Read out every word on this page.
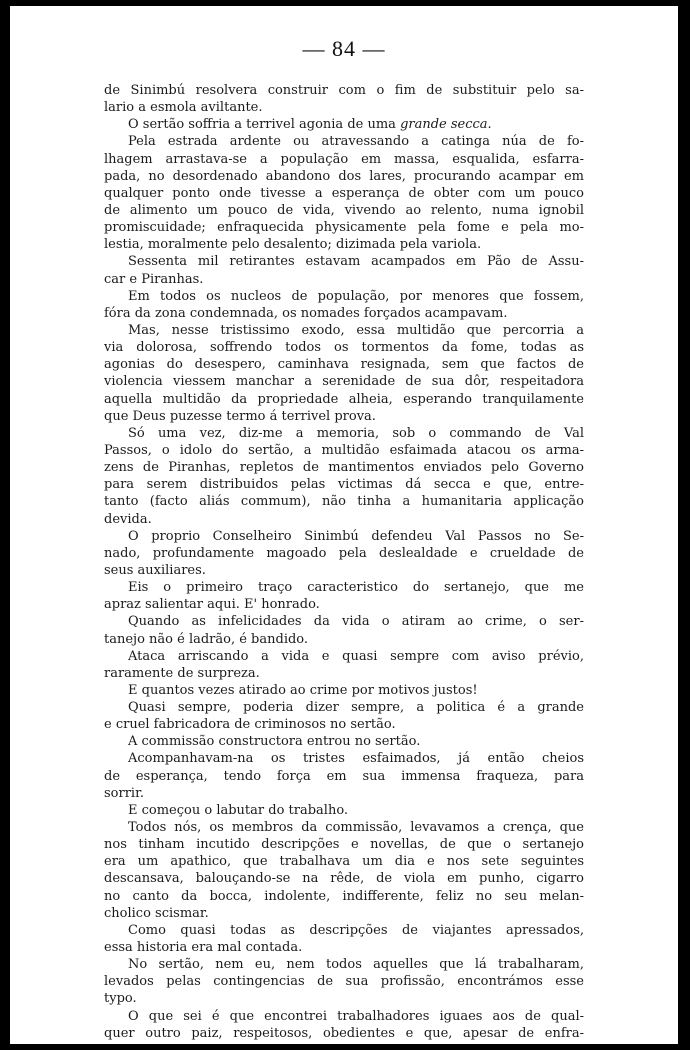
— 84 —
de Sinimbú resolvera construir com o fim de substituir pelo sa-
lario a esmola aviltante.
O sertão soffria a terrivel agonia de uma grande secca.
Pela estrada ardente ou atravessando a catinga núa de fo-
lhagem arrastava-se a população em massa, esqualida, esfarra-
pada, no desordenado abandono dos lares, procurando acampar em
qualquer ponto onde tivesse a esperança de obter com um pouco
de alimento um pouco de vida, vivendo ao relento, numa ignobil
promiscuidade; enfraquecida physicamente pela fome e pela mo-
lestia, moralmente pelo desalento; dizimada pela variola.
Sessenta mil retirantes estavam acampados em Pão de Assu-
car e Piranhas.
Em todos os nucleos de população, por menores que fossem,
fóra da zona condemnada, os nomades forçados acampavam.
Mas, nesse tristissimo exodo, essa multidão que percorria a
via dolorosa, soffrendo todos os tormentos da fome, todas as
agonias do desespero, caminhava resignada, sem que factos de
violencia viessem manchar a serenidade de sua dôr, respeitadora
aquella multidão da propriedade alheia, esperando tranquilamente
que Deus puzesse termo á terrivel prova.
Só uma vez, diz-me a memoria, sob o commando de Val
Passos, o idolo do sertão, a multidão esfaimada atacou os arma-
zens de Piranhas, repletos de mantimentos enviados pelo Governo
para serem distribuidos pelas victimas dá secca e que, entre-
tanto (facto aliás commum), não tinha a humanitaria applicação
devida.
O proprio Conselheiro Sinimbú defendeu Val Passos no Se-
nado, profundamente magoado pela deslealdade e crueldade de
seus auxiliares.
Eis o primeiro traço caracteristico do sertanejo, que me
apraz salientar aqui. E' honrado.
Quando as infelicidades da vida o atiram ao crime, o ser-
tanejo não é ladrão, é bandido.
Ataca arriscando a vida e quasi sempre com aviso prévio,
raramente de surpreza.
E quantos vezes atirado ao crime por motivos justos!
Quasi sempre, poderia dizer sempre, a politica é a grande
e cruel fabricadora de criminosos no sertão.
A commissão constructora entrou no sertão.
Acompanhavam-na os tristes esfaimados, já então cheios
de esperança, tendo força em sua immensa fraqueza, para
sorrir.
E começou o labutar do trabalho.
Todos nós, os membros da commissão, levavamos a crença, que
nos tinham incutido descripções e novellas, de que o sertanejo
era um apathico, que trabalhava um dia e nos sete seguintes
descansava, balouçando-se na rêde, de viola em punho, cigarro
no canto da bocca, indolente, indifferente, feliz no seu melan-
cholico scismar.
Como quasi todas as descripções de viajantes apressados,
essa historia era mal contada.
No sertão, nem eu, nem todos aquelles que lá trabalharam,
levados pelas contingencias de sua profissão, encontrámos esse
typo.
O que sei é que encontrei trabalhadores iguaes aos de qual-
quer outro paiz, respeitosos, obedientes e que, apesar de enfra-
